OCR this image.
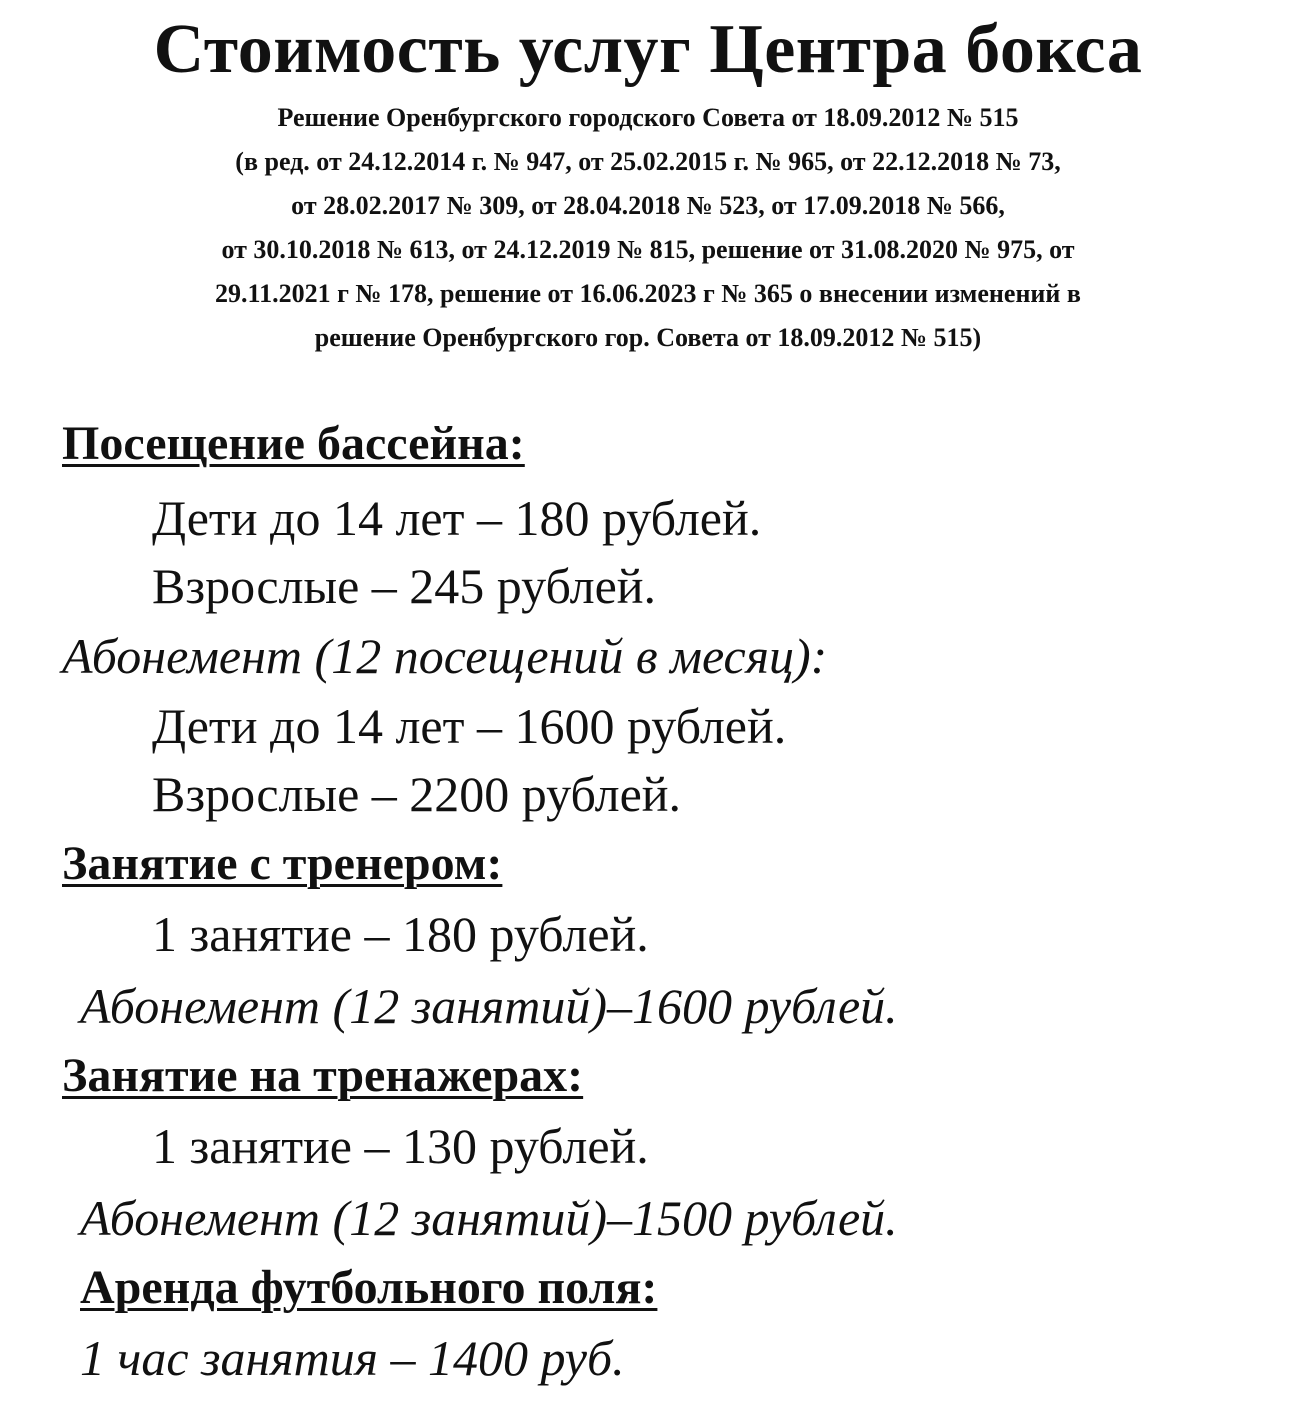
Стоимость услуг Центра бокса
Решение Оренбургского городского Совета от 18.09.2012 № 515
(в ред. от 24.12.2014 г. № 947, от 25.02.2015 г. № 965, от 22.12.2018 № 73,
от 28.02.2017 № 309, от 28.04.2018 № 523, от 17.09.2018 № 566,
от 30.10.2018 № 613, от 24.12.2019 № 815, решение от 31.08.2020 № 975, от
29.11.2021 г № 178, решение от 16.06.2023 г № 365 о внесении изменений в
решение Оренбургского гор. Совета от 18.09.2012 № 515)
Посещение бассейна:
Дети до 14 лет – 180 рублей.
Взрослые – 245 рублей.
Абонемент (12 посещений в месяц):
Дети до 14 лет – 1600 рублей.
Взрослые – 2200 рублей.
Занятие с тренером:
1 занятие – 180 рублей.
Абонемент (12 занятий)–1600 рублей.
Занятие на тренажерах:
1 занятие – 130 рублей.
Абонемент (12 занятий)–1500 рублей.
Аренда футбольного поля:
1 час занятия – 1400 руб.
